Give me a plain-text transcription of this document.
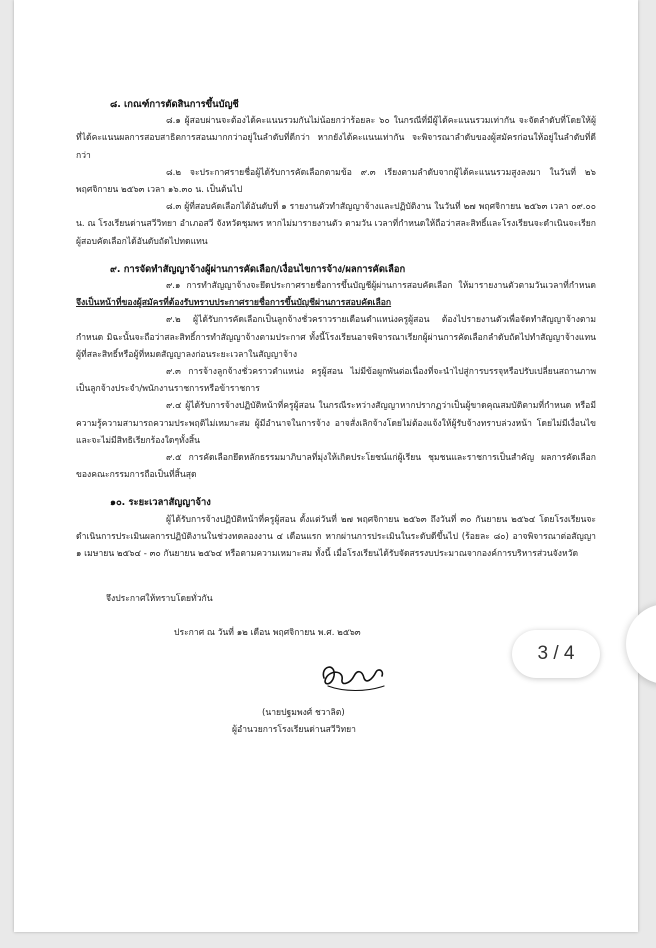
๘. เกณฑ์การตัดสินการขึ้นบัญชี

๘.๑ ผู้สอบผ่านจะต้องได้คะแนนรวมกันไม่น้อยกว่าร้อยละ ๖๐ ในกรณีที่มีผู้ได้คะแนนรวมเท่ากัน จะจัดลำดับที่โดยให้ผู้ที่ได้คะแนนผลการสอบสาธิตการสอนมากกว่าอยู่ในลำดับที่ดีกว่า หากยังได้คะแนนเท่ากัน จะพิจารณาลำดับของผู้สมัครก่อนให้อยู่ในลำดับที่ดีกว่า

๘.๒ จะประกาศรายชื่อผู้ได้รับการคัดเลือกตามข้อ ๙.๓ เรียงตามลำดับจากผู้ได้คะแนนรวมสูงลงมา ในวันที่ ๒๖ พฤศจิกายน ๒๕๖๓ เวลา ๑๖.๓๐ น. เป็นต้นไป

๘.๓ ผู้ที่สอบคัดเลือกได้อันดับที่ ๑ รายงานตัวทำสัญญาจ้างและปฏิบัติงาน ในวันที่ ๒๗ พฤศจิกายน ๒๕๖๓ เวลา ๐๙.๐๐ น. ณ โรงเรียนด่านสวีวิทยา อำเภอสวี จังหวัดชุมพร หากไม่มารายงานตัว ตามวัน เวลาที่กำหนดให้ถือว่าสละสิทธิ์และโรงเรียนจะดำเนินจะเรียกผู้สอบคัดเลือกได้อันดับถัดไปทดแทน

๙. การจัดทำสัญญาจ้างผู้ผ่านการคัดเลือก/เงื่อนไขการจ้าง/ผลการคัดเลือก

๙.๑ การทำสัญญาจ้างจะยึดประกาศรายชื่อการขึ้นบัญชีผู้ผ่านการสอบคัดเลือก ให้มารายงานตัวตามวันเวลาที่กำหนด จึงเป็นหน้าที่ของผู้สมัครที่ต้องรับทราบประกาศรายชื่อการขึ้นบัญชีผ่านการสอบคัดเลือก

๙.๒ ผู้ได้รับการคัดเลือกเป็นลูกจ้างชั่วคราวรายเดือนตำแหน่งครูผู้สอน ต้องไปรายงานตัวเพื่อจัดทำสัญญาจ้างตามกำหนด มิฉะนั้นจะถือว่าสละสิทธิ์การทำสัญญาจ้างตามประกาศ ทั้งนี้โรงเรียนอาจพิจารณาเรียกผู้ผ่านการคัดเลือกลำดับถัดไปทำสัญญาจ้างแทนผู้ที่สละสิทธิ์หรือผู้ที่หมดสัญญาลงก่อนระยะเวลาในสัญญาจ้าง

๙.๓ การจ้างลูกจ้างชั่วคราวตำแหน่ง ครูผู้สอน ไม่มีข้อผูกพันต่อเนื่องที่จะนำไปสู่การบรรจุหรือปรับเปลี่ยนสถานภาพเป็นลูกจ้างประจำ/พนักงานราชการหรือข้าราชการ

๙.๔ ผู้ได้รับการจ้างปฏิบัติหน้าที่ครูผู้สอน ในกรณีระหว่างสัญญาหากปรากฏว่าเป็นผู้ขาดคุณสมบัติตามที่กำหนด หรือมีความรู้ความสามารถความประพฤติไม่เหมาะสม ผู้มีอำนาจในการจ้าง อาจสั่งเลิกจ้างโดยไม่ต้องแจ้งให้ผู้รับจ้างทราบล่วงหน้า โดยไม่มีเงื่อนไขและจะไม่มีสิทธิเรียกร้องใดๆทั้งสิ้น

๙.๕ การคัดเลือกยึดหลักธรรมมาภิบาลที่มุ่งให้เกิดประโยชน์แก่ผู้เรียน ชุมชนและราชการเป็นสำคัญ ผลการคัดเลือกของคณะกรรมการถือเป็นที่สิ้นสุด

๑๐. ระยะเวลาสัญญาจ้าง

ผู้ได้รับการจ้างปฏิบัติหน้าที่ครูผู้สอน ตั้งแต่วันที่ ๒๗ พฤศจิกายน ๒๕๖๓ ถึงวันที่ ๓๐ กันยายน ๒๕๖๔ โดยโรงเรียนจะดำเนินการประเมินผลการปฏิบัติงานในช่วงทดลองงาน ๔ เดือนแรก หากผ่านการประเมินในระดับดีขึ้นไป (ร้อยละ ๘๐) อาจพิจารณาต่อสัญญา ๑ เมษายน ๒๕๖๔ - ๓๐ กันยายน ๒๕๖๔ หรือตามความเหมาะสม ทั้งนี้ เมื่อโรงเรียนได้รับจัดสรรงบประมาณจากองค์การบริหารส่วนจังหวัด

จึงประกาศให้ทราบโดยทั่วกัน

ประกาศ ณ วันที่ ๑๒ เดือน พฤศจิกายน พ.ศ. ๒๕๖๓

(นายปฐมพงศ์ ชวาลิต)

ผู้อำนวยการโรงเรียนด่านสวีวิทยา

3 / 4
